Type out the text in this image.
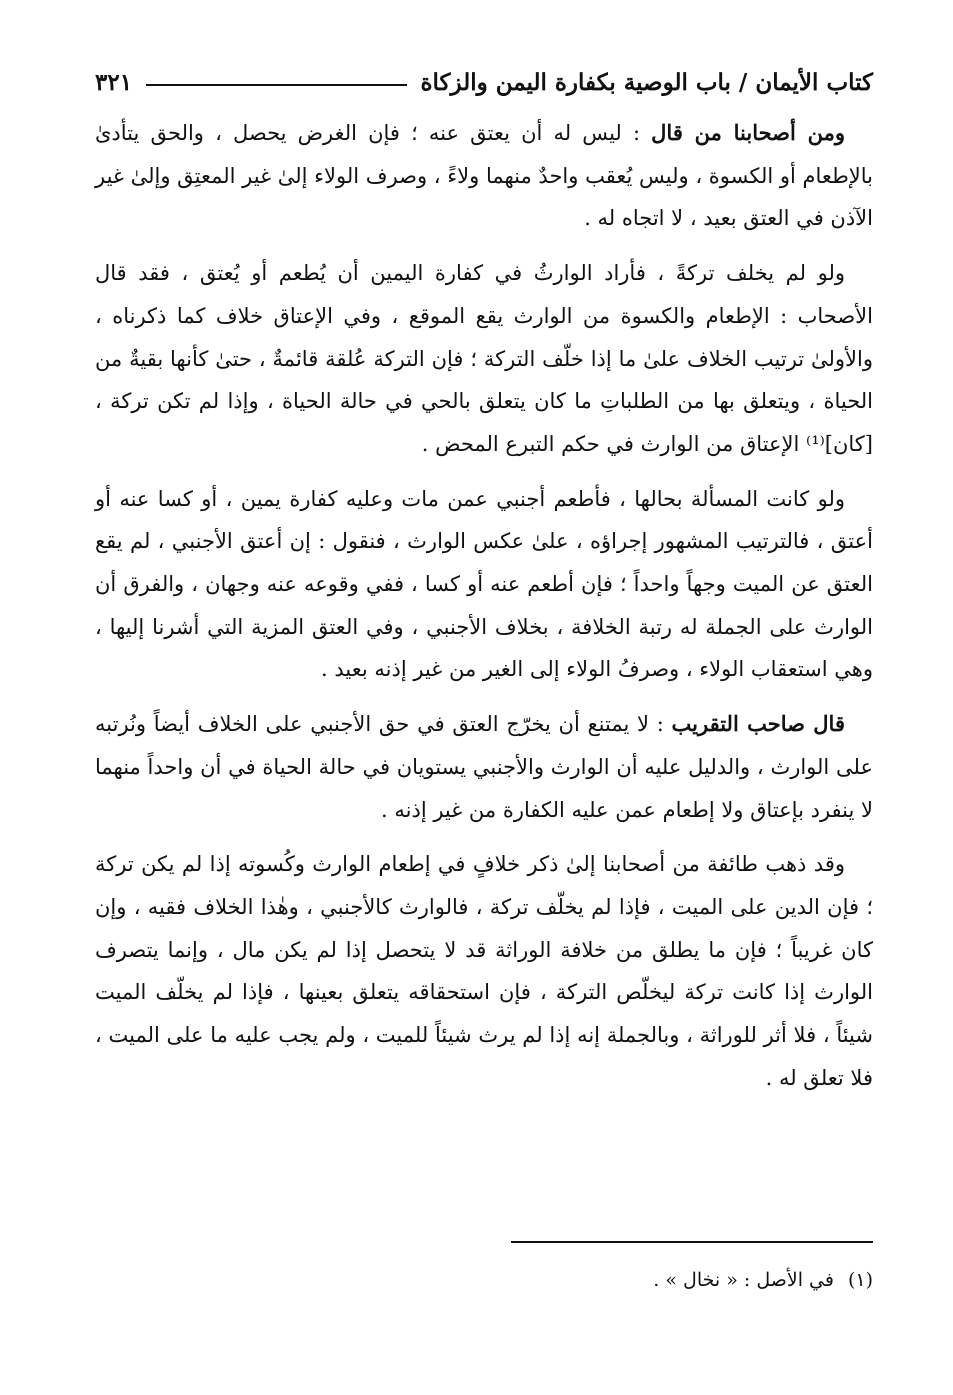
كتاب الأيمان / باب الوصية بكفارة اليمن والزكاة
٣٢١

ومن أصحابنا من قال : ليس له أن يعتق عنه ؛ فإن الغرض يحصل ، والحق يتأدىٰ بالإطعام أو الكسوة ، وليس يُعقب واحدٌ منهما ولاءً ، وصرف الولاء إلىٰ غير المعتِق وإلىٰ غير الآذن في العتق بعيد ، لا اتجاه له .

ولو لم يخلف تركةً ، فأراد الوارثُ في كفارة اليمين أن يُطعم أو يُعتق ، فقد قال الأصحاب : الإطعام والكسوة من الوارث يقع الموقع ، وفي الإعتاق خلاف كما ذكرناه ، والأولىٰ ترتيب الخلاف علىٰ ما إذا خلّف التركة ؛ فإن التركة عُلقة قائمةٌ ، حتىٰ كأنها بقيةٌ من الحياة ، ويتعلق بها من الطلباتِ ما كان يتعلق بالحي في حالة الحياة ، وإذا لم تكن تركة ، [كان]⁽¹⁾ الإعتاق من الوارث في حكم التبرع المحض .

ولو كانت المسألة بحالها ، فأطعم أجنبي عمن مات وعليه كفارة يمين ، أو كسا عنه أو أعتق ، فالترتيب المشهور إجراؤه ، علىٰ عكس الوارث ، فنقول : إن أعتق الأجنبي ، لم يقع العتق عن الميت وجهاً واحداً ؛ فإن أطعم عنه أو كسا ، ففي وقوعه عنه وجهان ، والفرق أن الوارث على الجملة له رتبة الخلافة ، بخلاف الأجنبي ، وفي العتق المزية التي أشرنا إليها ، وهي استعقاب الولاء ، وصرفُ الولاء إلى الغير من غير إذنه بعيد .

قال صاحب التقريب : لا يمتنع أن يخرّج العتق في حق الأجنبي على الخلاف أيضاً ونُرتبه على الوارث ، والدليل عليه أن الوارث والأجنبي يستويان في حالة الحياة في أن واحداً منهما لا ينفرد بإعتاق ولا إطعام عمن عليه الكفارة من غير إذنه .

وقد ذهب طائفة من أصحابنا إلىٰ ذكر خلافٍ في إطعام الوارث وكُسوته إذا لم يكن تركة ؛ فإن الدين على الميت ، فإذا لم يخلّف تركة ، فالوارث كالأجنبي ، وهٰذا الخلاف فقيه ، وإن كان غريباً ؛ فإن ما يطلق من خلافة الوراثة قد لا يتحصل إذا لم يكن مال ، وإنما يتصرف الوارث إذا كانت تركة ليخلّص التركة ، فإن استحقاقه يتعلق بعينها ، فإذا لم يخلّف الميت شيئاً ، فلا أثر للوراثة ، وبالجملة إنه إذا لم يرث شيئاً للميت ، ولم يجب عليه ما على الميت ، فلا تعلق له .

(١)في الأصل : « نخال » .
